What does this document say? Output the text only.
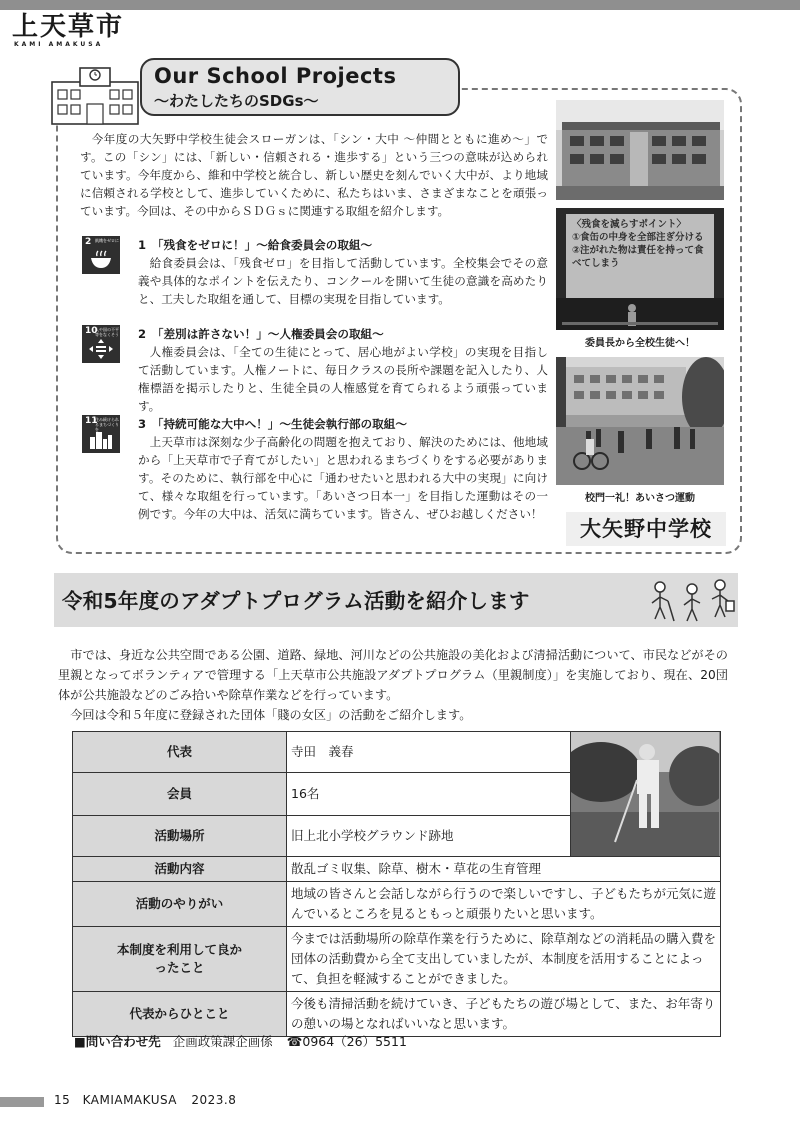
上天草市
KAMI AMAKUSA
Our School Projects
～わたしたちのSDGs～

今年度の大矢野中学校生徒会スローガンは、「シン・大中 ～仲間とともに進め～」です。この「シン」には、「新しい・信頼される・進歩する」という三つの意味が込められています。今年度から、維和中学校と統合し、新しい歴史を刻んでいく大中が、より地域に信頼される学校として、進歩していくために、私たちはいま、さまざまなことを頑張っています。今回は、その中からＳＤＧｓに関連する取組を紹介します。

2 飢餓をゼロに 1　「残食をゼロに！」～給食委員会の取組～
給食委員会は、「残食ゼロ」を目指して活動しています。全校集会でその意義や具体的なポイントを伝えたり、コンクールを開いて生徒の意識を高めたりと、工夫した取組を通して、目標の実現を目指しています。
10
人や国の不平等をなくそう 2　「差別は許さない！」～人権委員会の取組～
人権委員会は、「全ての生徒にとって、居心地がよい学校」の実現を目指して活動しています。人権ノートに、毎日クラスの長所や課題を記入したり、人権標語を掲示したりと、生徒全員の人権感覚を育てられるよう頑張っています。
11
住み続けられるまちづくりを	3　「持続可能な大中へ！」～生徒会執行部の取組～
上天草市は深刻な少子高齢化の問題を抱えており、解決のためには、他地域から「上天草市で子育てがしたい」と思われるまちづくりをする必要があります。そのために、執行部を中心に「通わせたいと思われる大中の実現」に向けて、様々な取組を行っています。「あいさつ日本一」を目指した運動はその一例です。今年の大中は、活気に満ちています。皆さん、ぜひお越しください！
〈残食を減らすポイント〉
①食缶の中身を全部注ぎ分ける
②注がれた物は責任を持って食べてしまう
委員長から全校生徒へ！
校門一礼！あいさつ運動
大矢野中学校
令和5年度のアダプトプログラム活動を紹介します

市では、身近な公共空間である公園、道路、緑地、河川などの公共施設の美化および清掃活動について、市民などがその里親となってボランティアで管理する「上天草市公共施設アダプトプログラム（里親制度）」を実施しており、現在、20団体が公共施設などのごみ拾いや除草作業などを行っています。

今回は令和５年度に登録された団体「賤の女区」の活動をご紹介します。

代表	寺田　義春	

会員	16名	
活動場所	旧上北小学校グラウンド跡地	
活動内容	散乱ゴミ収集、除草、樹木・草花の生育管理	
活動のやりがい	地域の皆さんと会話しながら行うので楽しいですし、子どもたちが元気に遊んでいるところを見るともっと頑張りたいと思います。	
本制度を利用して良かったこと	今までは活動場所の除草作業を行うために、除草剤などの消耗品の購入費を団体の活動費から全て支出していましたが、本制度を活用することによって、負担を軽減することができました。	
代表からひとこと	今後も清掃活動を続けていき、子どもたちの遊び場として、また、お年寄りの憩いの場となればいいなと思います。	
■問い合わせ先 企画政策課企画係 ☎0964（26）5511
15 KAMIAMAKUSA 2023.8
